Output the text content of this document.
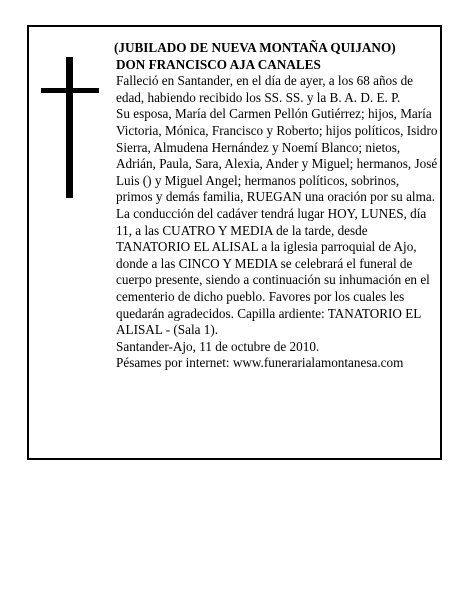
(JUBILADO DE NUEVA MONTAÑA QUIJANO)

DON FRANCISCO AJA CANALES

Falleció en Santander, en el día de ayer, a los 68 años de edad, habiendo recibido los SS. SS. y la B. A. D. E. P.

Su esposa, María del Carmen Pellón Gutiérrez; hijos, María Victoria, Mónica, Francisco y Roberto; hijos políticos, Isidro Sierra, Almudena Hernández y Noemí Blanco; nietos, Adrián, Paula, Sara, Alexia, Ander y Miguel; hermanos, José Luis () y Miguel Angel; hermanos políticos, sobrinos, primos y demás familia, RUEGAN una oración por su alma. La conducción del cadáver tendrá lugar HOY, LUNES, día 11, a las CUATRO Y MEDIA de la tarde, desde TANATORIO EL ALISAL a la iglesia parroquial de Ajo, donde a las CINCO Y MEDIA se celebrará el funeral de cuerpo presente, siendo a continuación su inhumación en el cementerio de dicho pueblo. Favores por los cuales les quedarán agradecidos. Capilla ardiente: TANATORIO EL ALISAL - (Sala 1).

Santander-Ajo, 11 de octubre de 2010.

Pésames por internet: www.funerarialamontanesa.com
